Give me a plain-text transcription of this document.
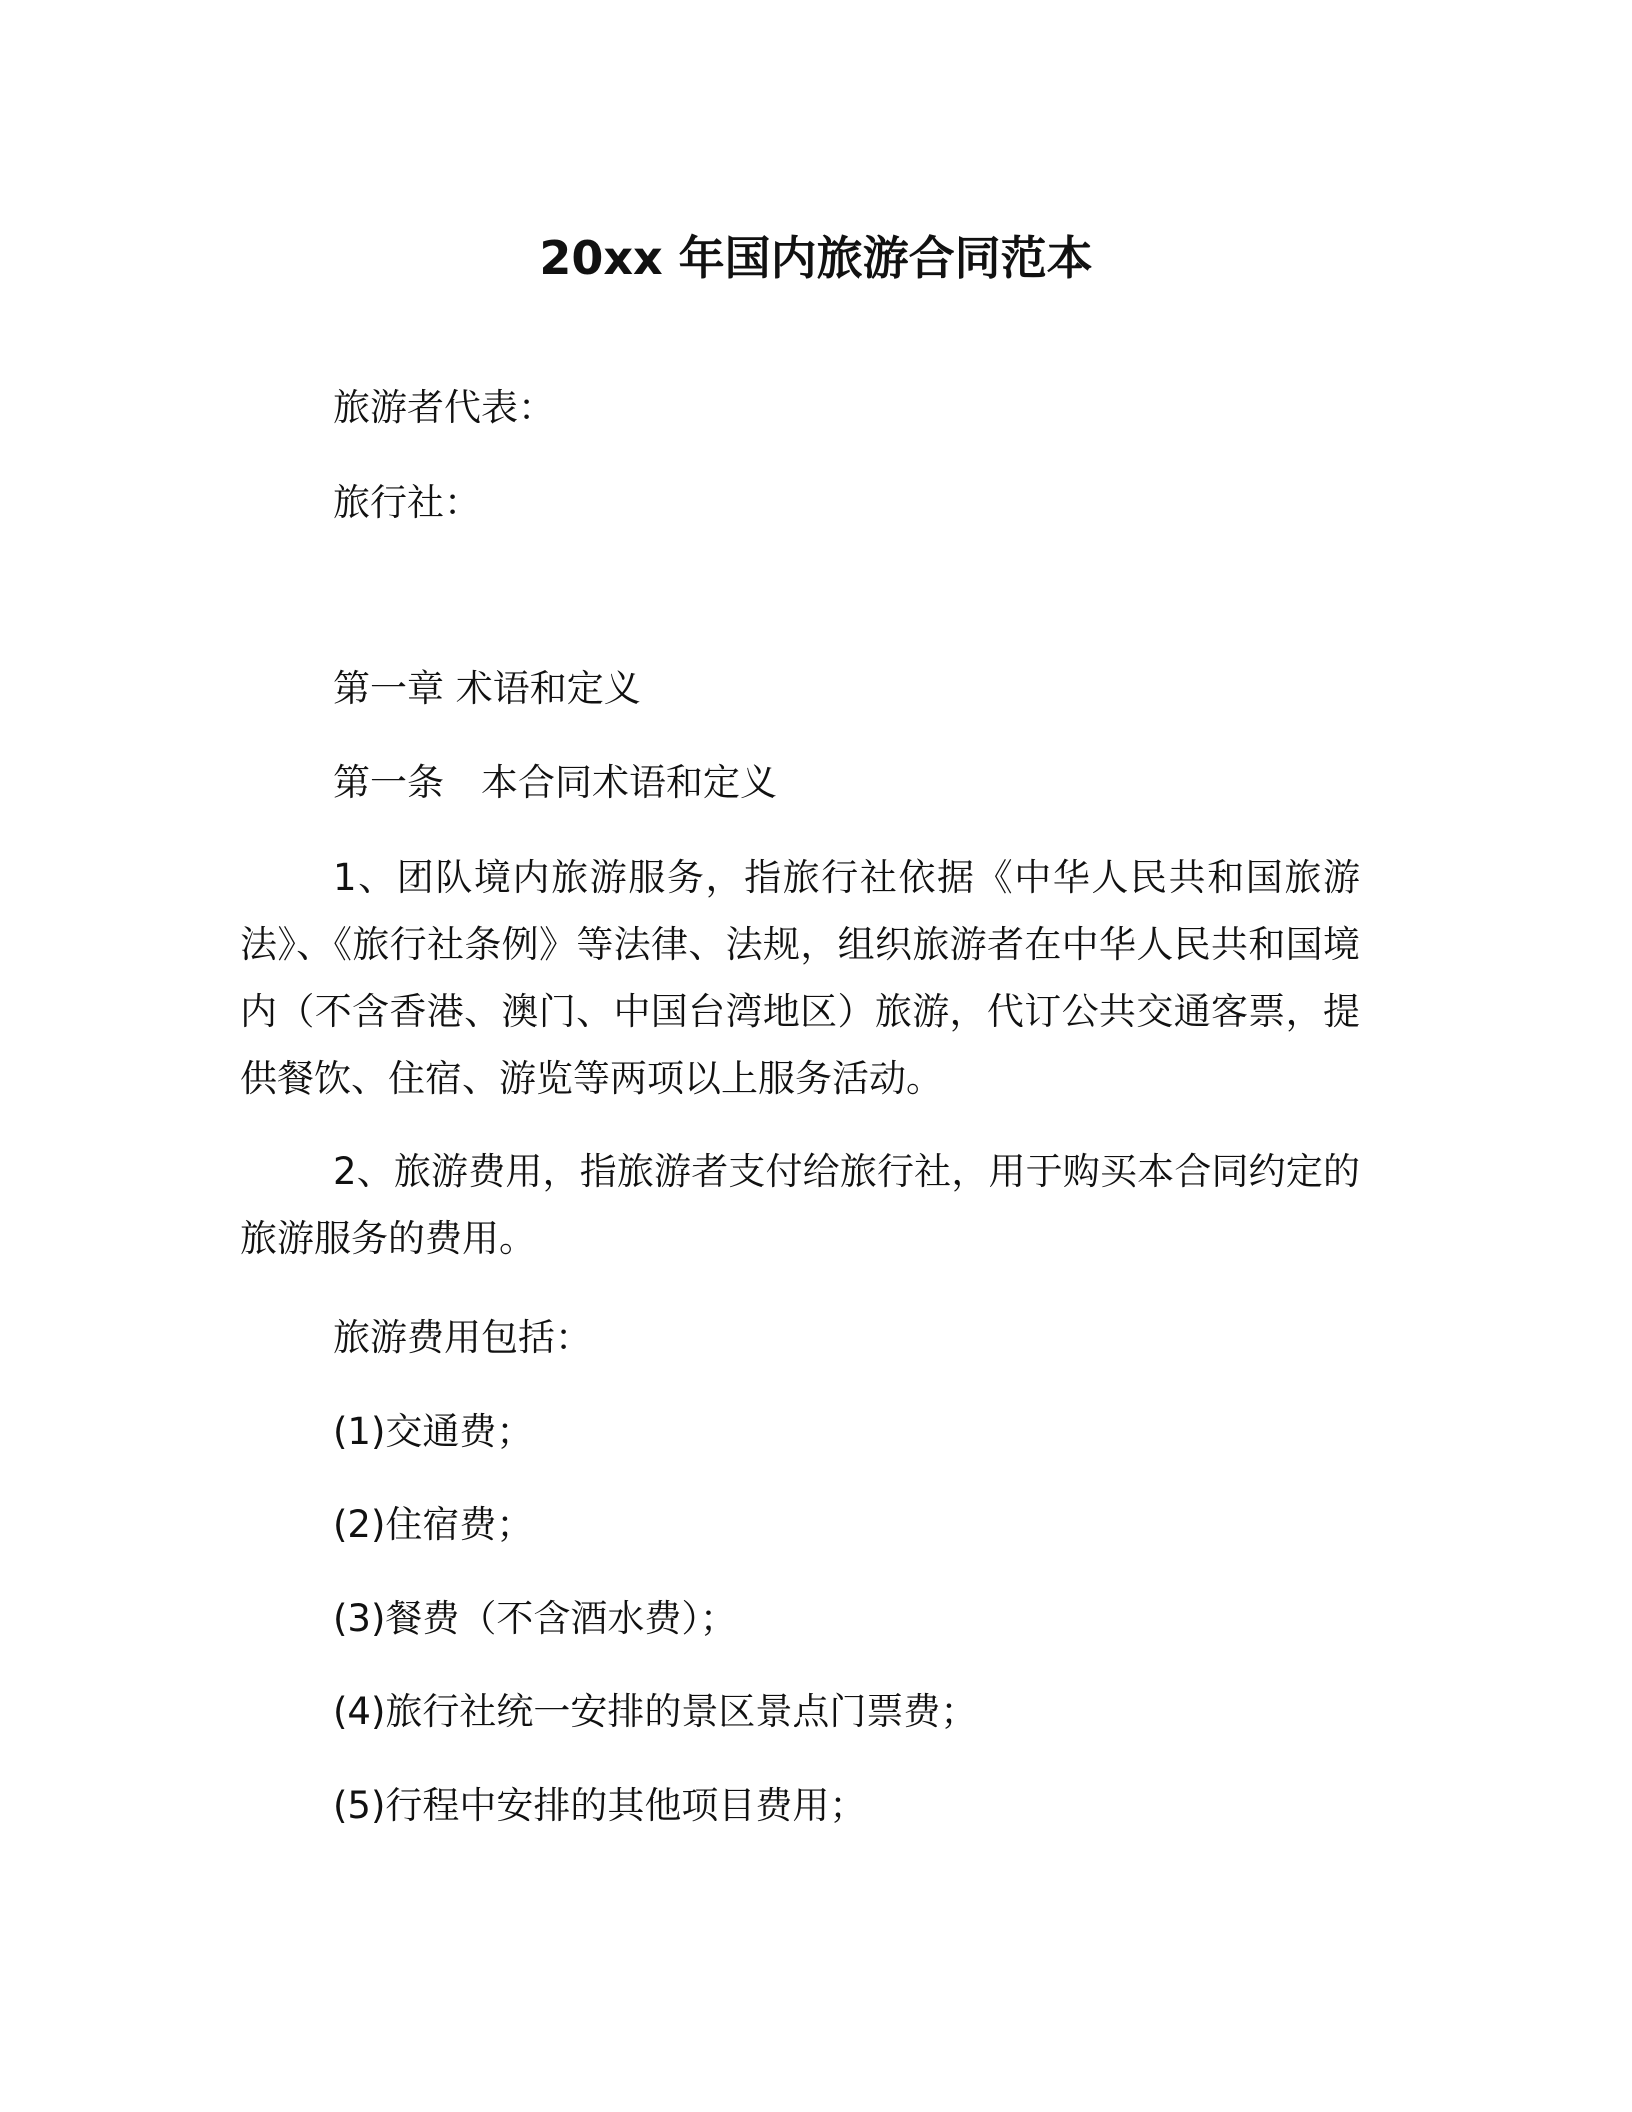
20xx 年国内旅游合同范本

旅游者代表：

旅行社：

第一章 术语和定义

第一条　本合同术语和定义

1、团队境内旅游服务，指旅行社依据《中华人民共和国旅游法》、《旅行社条例》等法律、法规，组织旅游者在中华人民共和国境内（不含香港、澳门、中国台湾地区）旅游，代订公共交通客票，提供餐饮、住宿、游览等两项以上服务活动。

2、旅游费用，指旅游者支付给旅行社，用于购买本合同约定的旅游服务的费用。

旅游费用包括：

(1)交通费；

(2)住宿费；

(3)餐费（不含酒水费）；

(4)旅行社统一安排的景区景点门票费；

(5)行程中安排的其他项目费用；
